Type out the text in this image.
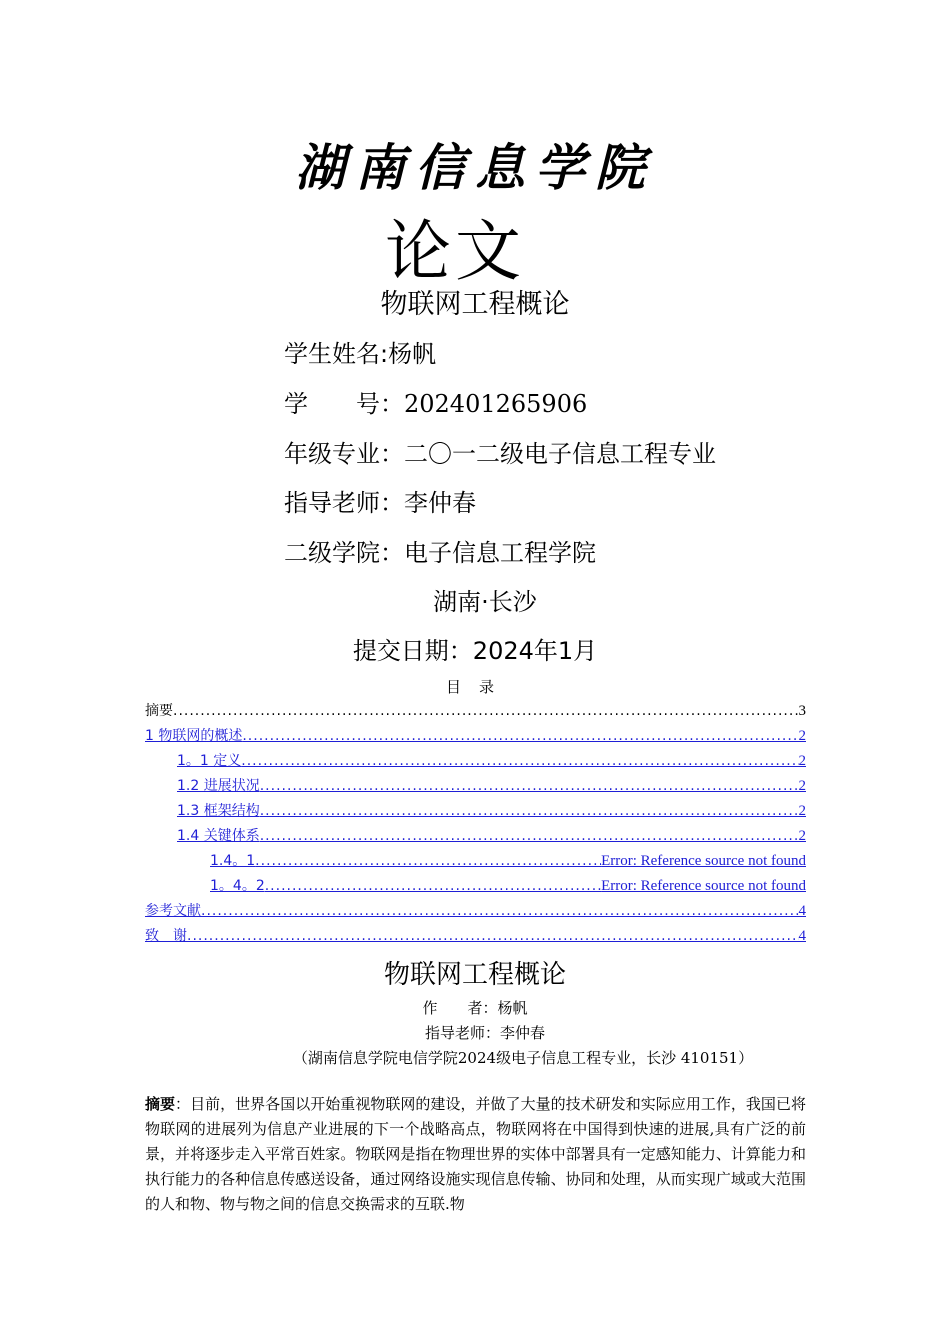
湖南信息学院
论文
物联网工程概论
学生姓名:杨帆
学　　号：202401265906
年级专业：二〇一二级电子信息工程专业
指导老师：李仲春
二级学院：电子信息工程学院
湖南·长沙
提交日期：2024年1月
目录
摘要 .....	3
1 物联网的概述 .....	2
1。1 定义 .....	2
1.2 进展状况 .....	2
1.3 框架结构 .....	2
1.4 关键体系 .....	2
1.4。1 .....	Error: Reference source not found
1。4。2 .....	Error: Reference source not found
参考文献 .....	4
致　谢 .....	4
物联网工程概论
作　　者：杨帆
指导老师：李仲春
（湖南信息学院电信学院2024级电子信息工程专业，长沙 410151）
摘要：目前，世界各国以开始重视物联网的建设，并做了大量的技术研发和实际应用工作，我国已将物联网的进展列为信息产业进展的下一个战略高点，物联网将在中国得到快速的进展,具有广泛的前景，并将逐步走入平常百姓家。物联网是指在物理世界的实体中部署具有一定感知能力、计算能力和执行能力的各种信息传感送设备，通过网络设施实现信息传输、协同和处理，从而实现广域或大范围的人和物、物与物之间的信息交换需求的互联.物
